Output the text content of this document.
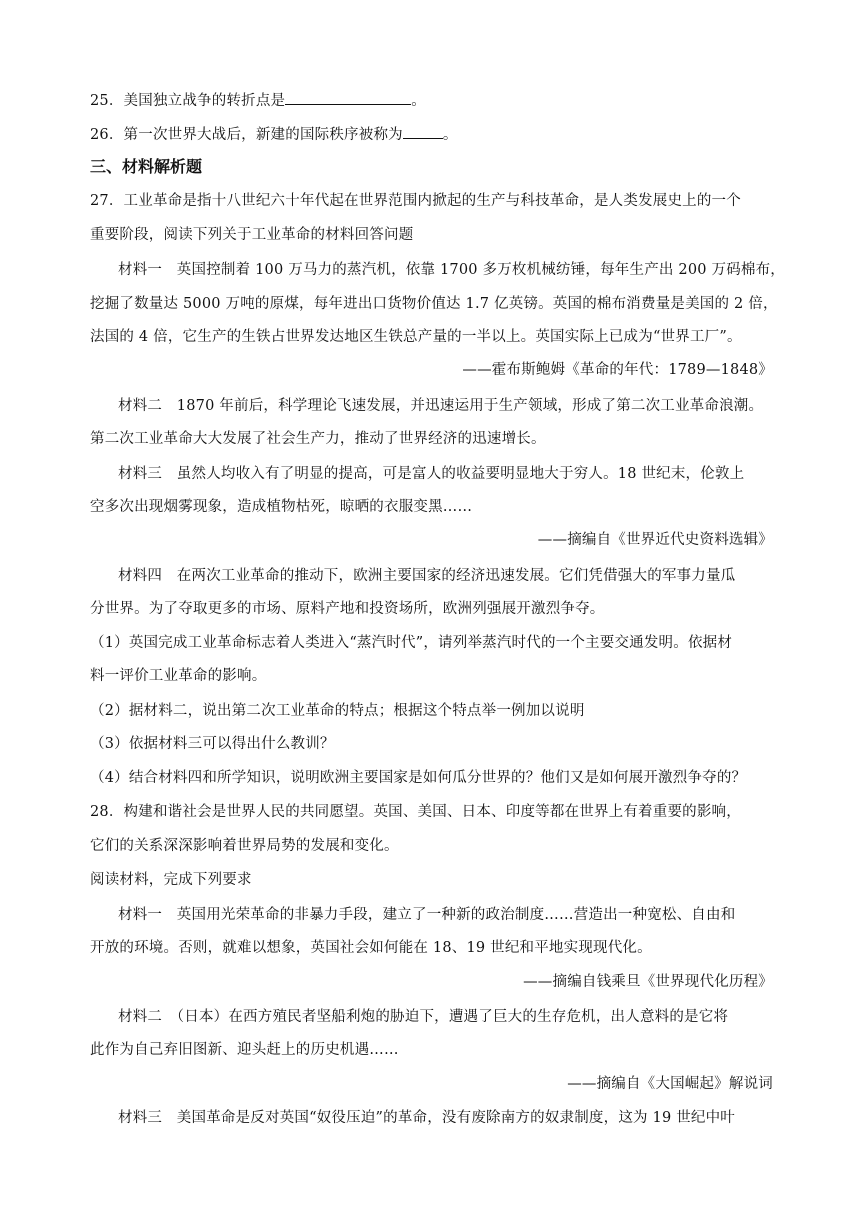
25．美国独立战争的转折点是	。
26．第一次世界大战后，新建的国际秩序被称为	。
三、材料解析题
27．工业革命是指十八世纪六十年代起在世界范围内掀起的生产与科技革命，是人类发展史上的一个
重要阶段，阅读下列关于工业革命的材料回答问题
材料一　英国控制着 100 万马力的蒸汽机，依靠 1700 多万枚机械纺锤，每年生产出 200 万码棉布，
挖掘了数量达 5000 万吨的原煤，每年进出口货物价值达 1.7 亿英镑。英国的棉布消费量是美国的 2 倍，
法国的 4 倍，它生产的生铁占世界发达地区生铁总产量的一半以上。英国实际上已成为“世界工厂”。
——霍布斯鲍姆《革命的年代：1789—1848》
材料二　1870 年前后，科学理论飞速发展，并迅速运用于生产领域，形成了第二次工业革命浪潮。
第二次工业革命大大发展了社会生产力，推动了世界经济的迅速增长。
材料三　虽然人均收入有了明显的提高，可是富人的收益要明显地大于穷人。18 世纪末，伦敦上
空多次出现烟雾现象，造成植物枯死，晾晒的衣服变黑……
——摘编自《世界近代史资料选辑》
材料四　在两次工业革命的推动下，欧洲主要国家的经济迅速发展。它们凭借强大的军事力量瓜
分世界。为了夺取更多的市场、原料产地和投资场所，欧洲列强展开激烈争夺。
（1）英国完成工业革命标志着人类进入“蒸汽时代”，请列举蒸汽时代的一个主要交通发明。依据材
料一评价工业革命的影响。
（2）据材料二，说出第二次工业革命的特点；根据这个特点举一例加以说明
（3）依据材料三可以得出什么教训？
（4）结合材料四和所学知识，说明欧洲主要国家是如何瓜分世界的？他们又是如何展开激烈争夺的？
28．构建和谐社会是世界人民的共同愿望。英国、美国、日本、印度等都在世界上有着重要的影响，
它们的关系深深影响着世界局势的发展和变化。
阅读材料，完成下列要求
材料一　英国用光荣革命的非暴力手段，建立了一种新的政治制度……营造出一种宽松、自由和
开放的环境。否则，就难以想象，英国社会如何能在 18、19 世纪和平地实现现代化。
——摘编自钱乘旦《世界现代化历程》
材料二　（日本）在西方殖民者坚船利炮的胁迫下，遭遇了巨大的生存危机，出人意料的是它将
此作为自己弃旧图新、迎头赶上的历史机遇……
——摘编自《大国崛起》解说词
材料三　美国革命是反对英国“奴役压迫”的革命，没有废除南方的奴隶制度，这为 19 世纪中叶
